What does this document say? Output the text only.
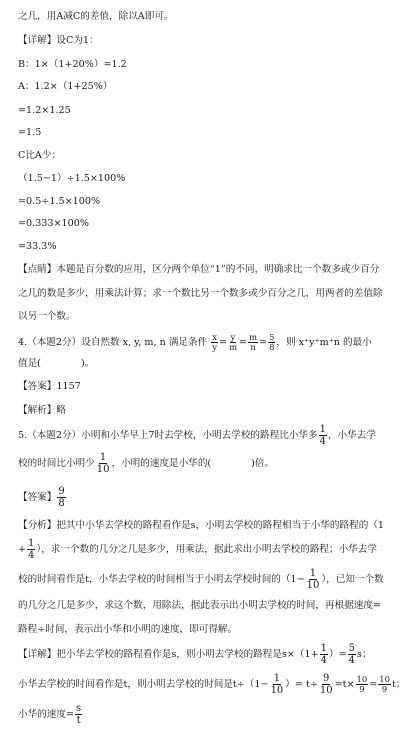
之几，用A减C的差值，除以A即可。
【详解】设C为1：
B：1×（1+20%）=1.2
A：1.2×（1+25%）
=1.2×1.25
=1.5
C比A少：
（1.5−1）÷1.5×100%
=0.5÷1.5×100%
=0.333×100%
=33.3%
【点睛】本题是百分数的应用，区分两个单位“1”的不同，明确求比一个数多或少百分
之几的数是多少，用乘法计算；求一个数比另一个数多或少百分之几，用两者的差值除
以另一个数。
4.（本题2分）设自然数 x, y, m, n 满足条件 $\frac{x}{y} = \frac{y}{m} = \frac{m}{n} = \frac{5}{8}$ ，则 x⁺y⁺m⁺n 的最小
值是(	)。
【答案】1157
【解析】略
5.（本题2分）小明和小华早上7时去学校，小明去学校的路程比小华多 $\frac{1}{4}$ ，小华去学
校的时间比小明少 $\frac{1}{10}$ ，小明的速度是小华的(	)倍。
【答案】 $\frac{9}{8}$
【分析】把其中小华去学校的路程看作是s，小明去学校的路程相当于小华的路程的（1
+ $\frac{1}{4}$ ），求一个数的几分之几是多少，用乘法，据此求出小明去学校的路程；小华去学
校的时间看作是t，小华去学校的时间相当于小明去学校时间的（$1- \frac{1}{10}$ ），已知一个数
的几分之几是多少，求这个数，用除法，据此表示出小明去学校的时间，再根据速度=
路程÷时间，表示出小华和小明的速度，即可得解。
【详解】把小华去学校的路程看作是s，则小明去学校的路程是$s\times(1+ \frac{1}{4}$ ）= $\frac{5}{4}$ s；
小华去学校的时间看作是t，则小明去学校的时间是$t\div(1- \frac{1}{10}$ ）= $t\div \frac{9}{10} =t\times \frac{10}{9} = \frac{10}{9}$ t；
小华的速度= $\frac{s}{t}$
